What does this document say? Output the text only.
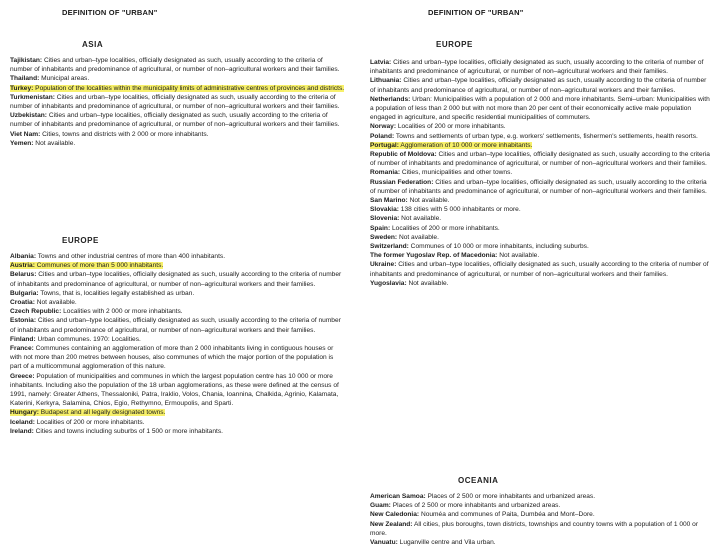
DEFINITION OF "URBAN"
ASIA

Tajikistan: Cities and urban–type localities, officially designated as such, usually according to the criteria of number of inhabitants and predominance of agricultural, or number of non–agricultural workers and their families.

Thailand: Municipal areas.

Turkey: Population of the localities within the municipality limits of administrative centres of provinces and districts.

Turkmenistan: Cities and urban–type localities, officially designated as such, usually according to the criteria of number of inhabitants and predominance of agricultural, or number of non–agricultural workers and their families.

Uzbekistan: Cities and urban–type localities, officially designated as such, usually according to the criteria of number of inhabitants and predominance of agricultural, or number of non–agricultural workers and their families.

Viet Nam: Cities, towns and districts with 2 000 or more inhabitants.

Yemen: Not available.

EUROPE

Albania: Towns and other industrial centres of more than 400 inhabitants.

Austria: Communes of more than 5 000 inhabitants.

Belarus: Cities and urban–type localities, officially designated as such, usually according to the criteria of number of inhabitants and predominance of agricultural, or number of non–agricultural workers and their families.

Bulgaria: Towns, that is, localities legally established as urban.

Croatia: Not available.

Czech Republic: Localities with 2 000 or more inhabitants.

Estonia: Cities and urban–type localities, officially designated as such, usually according to the criteria of number of inhabitants and predominance of agricultural, or number of non–agricultural workers and their families.

Finland: Urban communes. 1970: Localities.

France: Communes containing an agglomeration of more than 2 000 inhabitants living in contiguous houses or with not more than 200 metres between houses, also communes of which the major portion of the population is part of a multicommunal agglomeration of this nature.

Greece: Population of municipalities and communes in which the largest population centre has 10 000 or more inhabitants. Including also the population of the 18 urban agglomerations, as these were defined at the census of 1991, namely: Greater Athens, Thessaloniki, Patra, Iraklio, Volos, Chania, Ioannina, Chalkida, Agrinio, Kalamata, Katerini, Kerkyra, Salamina, Chios, Egio, Rethymno, Ermoupolis, and Sparti.

Hungary: Budapest and all legally designated towns.

Iceland: Localities of 200 or more inhabitants.

Ireland: Cities and towns including suburbs of 1 500 or more inhabitants.

DEFINITION OF "URBAN"
EUROPE

Latvia: Cities and urban–type localities, officially designated as such, usually according to the criteria of number of inhabitants and predominance of agricultural, or number of non–agricultural workers and their families.

Lithuania: Cities and urban–type localities, officially designated as such, usually according to the criteria of number of inhabitants and predominance of agricultural, or number of non–agricultural workers and their families.

Netherlands: Urban: Municipalities with a population of 2 000 and more inhabitants. Semi–urban: Municipalities with a population of less than 2 000 but with not more than 20 per cent of their economically active male population engaged in agriculture, and specific residential municipalities of commuters.

Norway: Localities of 200 or more inhabitants.

Poland: Towns and settlements of urban type, e.g. workers' settlements, fishermen's settlements, health resorts.

Portugal: Agglomeration of 10 000 or more inhabitants.

Republic of Moldova: Cities and urban–type localities, officially designated as such, usually according to the criteria of number of inhabitants and predominance of agricultural, or number of non–agricultural workers and their families.

Romania: Cities, municipalities and other towns.

Russian Federation: Cities and urban–type localities, officially designated as such, usually according to the criteria of number of inhabitants and predominance of agricultural, or number of non–agricultural workers and their families.

San Marino: Not available.

Slovakia: 138 cities with 5 000 inhabitants or more.

Slovenia: Not available.

Spain: Localities of 200 or more inhabitants.

Sweden: Not available.

Switzerland: Communes of 10 000 or more inhabitants, including suburbs.

The former Yugoslav Rep. of Macedonia: Not available.

Ukraine: Cities and urban–type localities, officially designated as such, usually according to the criteria of number of inhabitants and predominance of agricultural, or number of non–agricultural workers and their families.

Yugoslavia: Not available.

OCEANIA

American Samoa: Places of 2 500 or more inhabitants and urbanized areas.

Guam: Places of 2 500 or more inhabitants and urbanized areas.

New Caledonia: Nouméa and communes of Paita, Dumbéa and Mont–Dore.

New Zealand: All cities, plus boroughs, town districts, townships and country towns with a population of 1 000 or more.

Vanuatu: Luganville centre and Vila urban.
